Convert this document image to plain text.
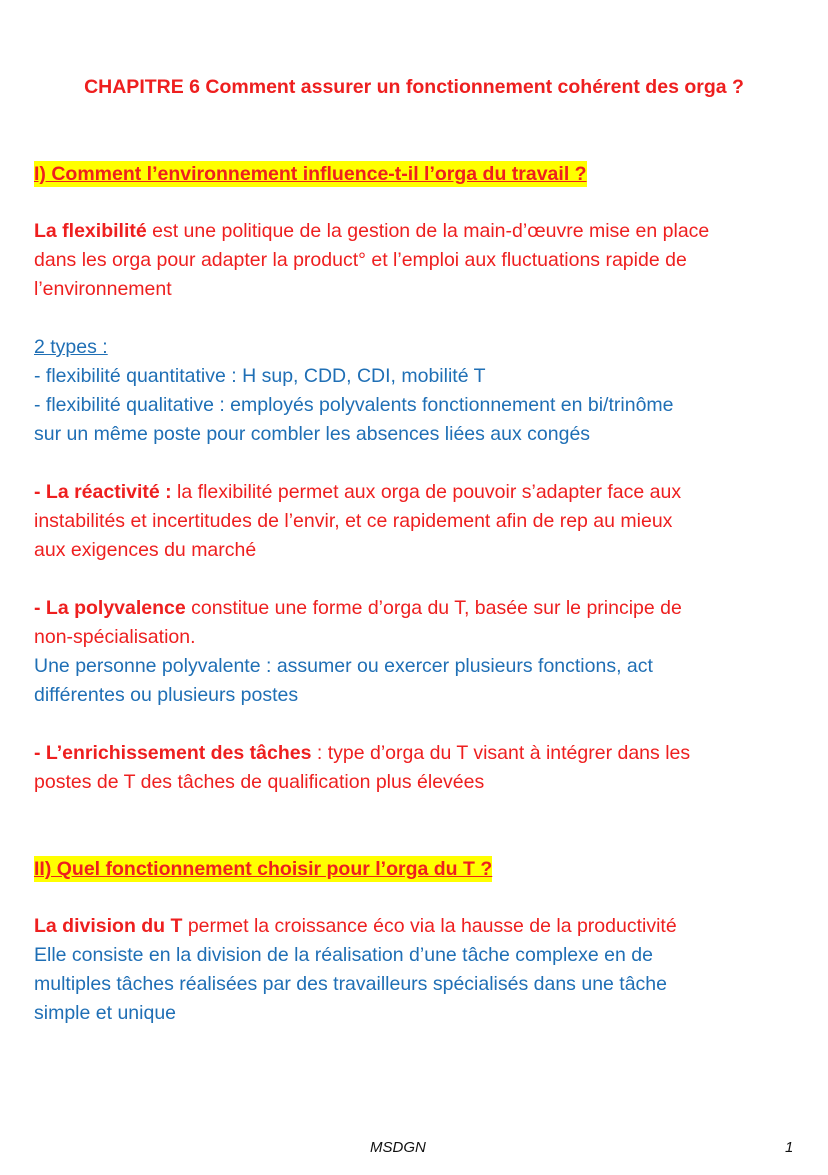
CHAPITRE 6 Comment assurer un fonctionnement cohérent des orga ?
I) Comment l’environnement influence-t-il l’orga du travail ?

La flexibilité est une politique de la gestion de la main-d’œuvre mise en place

dans les orga pour adapter la product° et l’emploi aux fluctuations rapide de

l’environnement

2 types :

- flexibilité quantitative : H sup, CDD, CDI, mobilité T

- flexibilité qualitative : employés polyvalents fonctionnement en bi/trinôme

sur un même poste pour combler les absences liées aux congés

- La réactivité : la flexibilité permet aux orga de pouvoir s’adapter face aux

instabilités et incertitudes de l’envir, et ce rapidement afin de rep au mieux

aux exigences du marché

- La polyvalence constitue une forme d’orga du T, basée sur le principe de

non-spécialisation.

Une personne polyvalente : assumer ou exercer plusieurs fonctions, act

différentes ou plusieurs postes

- L’enrichissement des tâches : type d’orga du T visant à intégrer dans les

postes de T des tâches de qualification plus élevées

II) Quel fonctionnement choisir pour l’orga du T ?

La division du T permet la croissance éco via la hausse de la productivité

Elle consiste en la division de la réalisation d’une tâche complexe en de

multiples tâches réalisées par des travailleurs spécialisés dans une tâche

simple et unique

MSDGN	1
